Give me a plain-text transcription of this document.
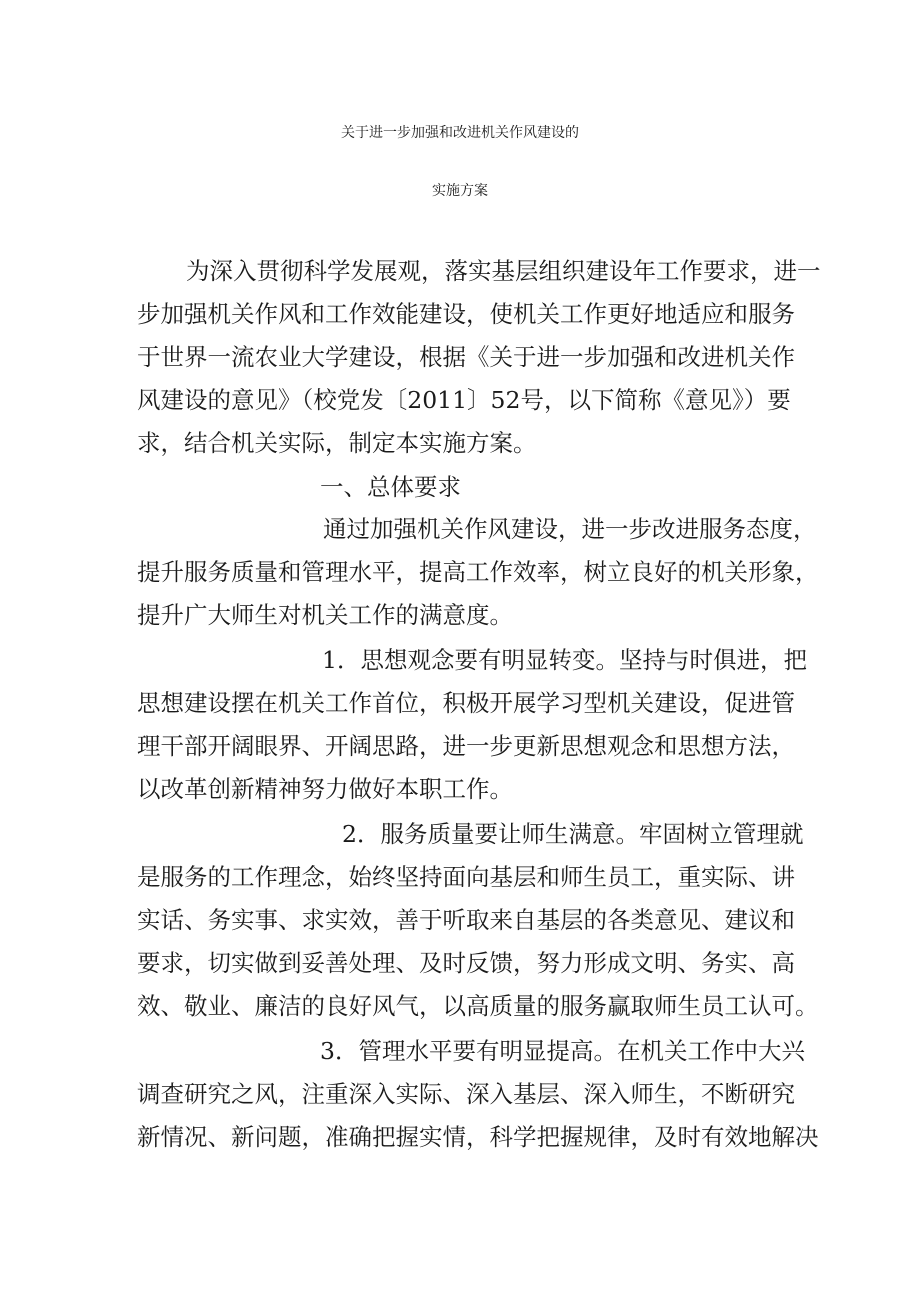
关于进一步加强和改进机关作风建设的
实施方案
为深入贯彻科学发展观，落实基层组织建设年工作要求，进一
步加强机关作风和工作效能建设，使机关工作更好地适应和服务
于世界一流农业大学建设，根据《关于进一步加强和改进机关作
风建设的意见》（校党发〔2011〕52号，以下简称《意见》）要
求，结合机关实际，制定本实施方案。
一、总体要求
通过加强机关作风建设，进一步改进服务态度，
提升服务质量和管理水平，提高工作效率，树立良好的机关形象，
提升广大师生对机关工作的满意度。
1．思想观念要有明显转变。坚持与时俱进，把
思想建设摆在机关工作首位，积极开展学习型机关建设，促进管
理干部开阔眼界、开阔思路，进一步更新思想观念和思想方法，
以改革创新精神努力做好本职工作。
2．服务质量要让师生满意。牢固树立管理就
是服务的工作理念，始终坚持面向基层和师生员工，重实际、讲
实话、务实事、求实效，善于听取来自基层的各类意见、建议和
要求，切实做到妥善处理、及时反馈，努力形成文明、务实、高
效、敬业、廉洁的良好风气，以高质量的服务赢取师生员工认可。
3．管理水平要有明显提高。在机关工作中大兴
调查研究之风，注重深入实际、深入基层、深入师生，不断研究
新情况、新问题，准确把握实情，科学把握规律，及时有效地解决
